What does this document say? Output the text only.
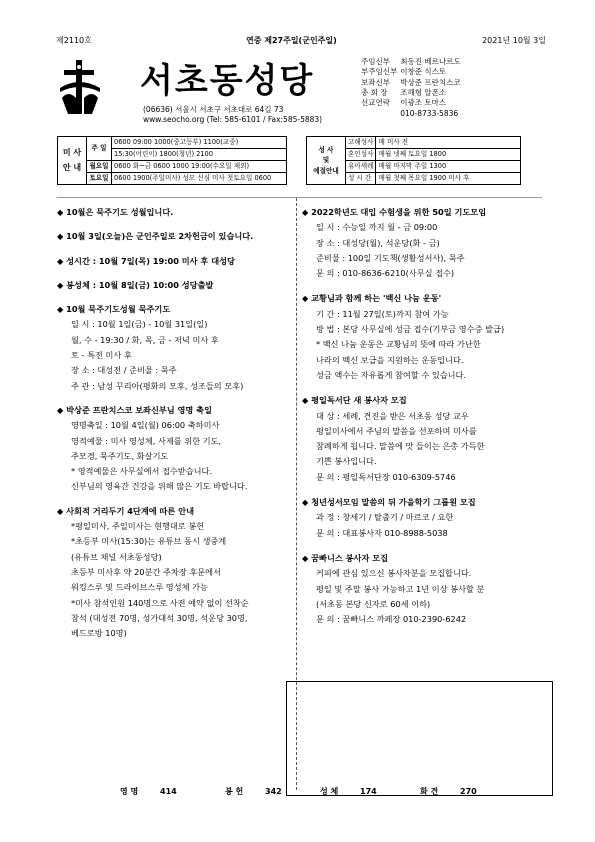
제2110호	연중 제27주일(군인주일)	2021년 10월 3일
서초동성당
(06636) 서울시 서초구 서초대로 64길 73
www.seocho.org (Tel: 585-6101 / Fax:585-5883)
주임신부	최동진 베르나르도
부주임신부	이창준 식스토
보좌신부	박상준 프란치스코
총 회 장	조해형 알폰소
선교연락	이광조 토마스
	010-8733-5836
미 사 안 내	주 일	0600 09:00 1000(중고등부) 1100(교중)
		15:30(어린이) 1800(청년) 2100
	월요일	0600 화~금 0600 1000 19:00(수요일 제외)
	토요일	0600 1900(주일미사) 성모 신심 미사 첫토요일 0600
성 사
및
예절안내	고해성사	매 미사 전
	혼인성사	매월 넷째 토요일 1800
	유아세례	매월 마지막 주일 1300
	성 시 간	매월 첫째 목요일 1900 미사 후
◆ 10월은 묵주기도 성월입니다.
◆ 10월 3일(오늘)은 군인주일로 2차헌금이 있습니다.
◆ 성시간 : 10월 7일(목) 19:00 미사 후 대성당
◆ 봉성체 : 10월 8일(금) 10:00 성당출발
◆ 10월 묵주기도성월 묵주기도
일 시 : 10월 1일(금) - 10월 31일(일)
월, 수 - 19:30 / 화, 목, 금 - 저녁 미사 후
토 - 특전 미사 후
장 소 : 대성전 / 준비물 : 묵주
주 관 : 남성 꾸리아(평화의 모후, 성조들의 모후)
◆ 박상준 프란치스코 보좌신부님 영명 축일
영명축일 : 10월 4일(월) 06:00 축하미사
영적예물 : 미사 영성체, 사제를 위한 기도,
주모경, 묵주기도, 화살기도
* 영적예물은 사무실에서 접수받습니다.
신부님의 영육간 건강을 위해 많은 기도 바랍니다.
◆ 사회적 거리두기 4단계에 따른 안내
*평일미사, 주일미사는 현행대로 봉헌
*초등부 미사(15:30)는 유튜브 동시 생중계
(유튜브 채널 서초동성당)
초등부 미사후 약 20분간 주차장 후문에서
워킹스루 및 드라이브스루 영성체 가능
*미사 참석인원 140명으로 사전 예약 없이 선착순
참석 (대성전 70명, 성가대석 30명, 석운당 30명,
베드로방 10명)
◆ 2022학년도 대입 수험생을 위한 50일 기도모임
일 시 : 수능일 까지 월 - 금 09:00
장 소 : 대성당(월), 석운당(화 - 금)
준비물 : 100일 기도책(생활성서사), 묵주
문 의 : 010-8636-6210(사무실 접수)
◆ 교황님과 함께 하는 '백신 나눔 운동'
기 간 : 11월 27일(토)까지 참여 가능
방 법 : 본당 사무실에 성금 접수(기부금 영수증 발급)
* 백신 나눔 운동은 교황님의 뜻에 따라 가난한
나라의 백신 보급을 지원하는 운동입니다.
성금 액수는 자유롭게 참여할 수 있습니다.
◆ 평일독서단 새 봉사자 모집
대 상 : 세례, 견진을 받은 서초동 성당 교우
평일미사에서 주님의 말씀을 선포하며 미사를
참례하게 됩니다. 말씀에 맛 들이는 은총 가득한
기쁜 봉사입니다.
문 의 : 평일독서단장 010-6309-5746
◆ 청년성서모임 말씀의 뒤 가을학기 그룹원 모집
과 정 : 창세기 / 탈출기 / 마르코 / 요한
문 의 : 대표봉사자 010-8988-5038
◆ 꿈빠니스 봉사자 모집
커피에 관심 있으신 봉사자분을 모집합니다.
평일 및 주말 봉사 가능하고 1년 이상 봉사할 분
(서초동 본당 신자로 60세 이하)
문 의 : 꿈빠니스 까페장 010-2390-6242
영 명	414	봉 헌	342	성 체	174	화 견	270
